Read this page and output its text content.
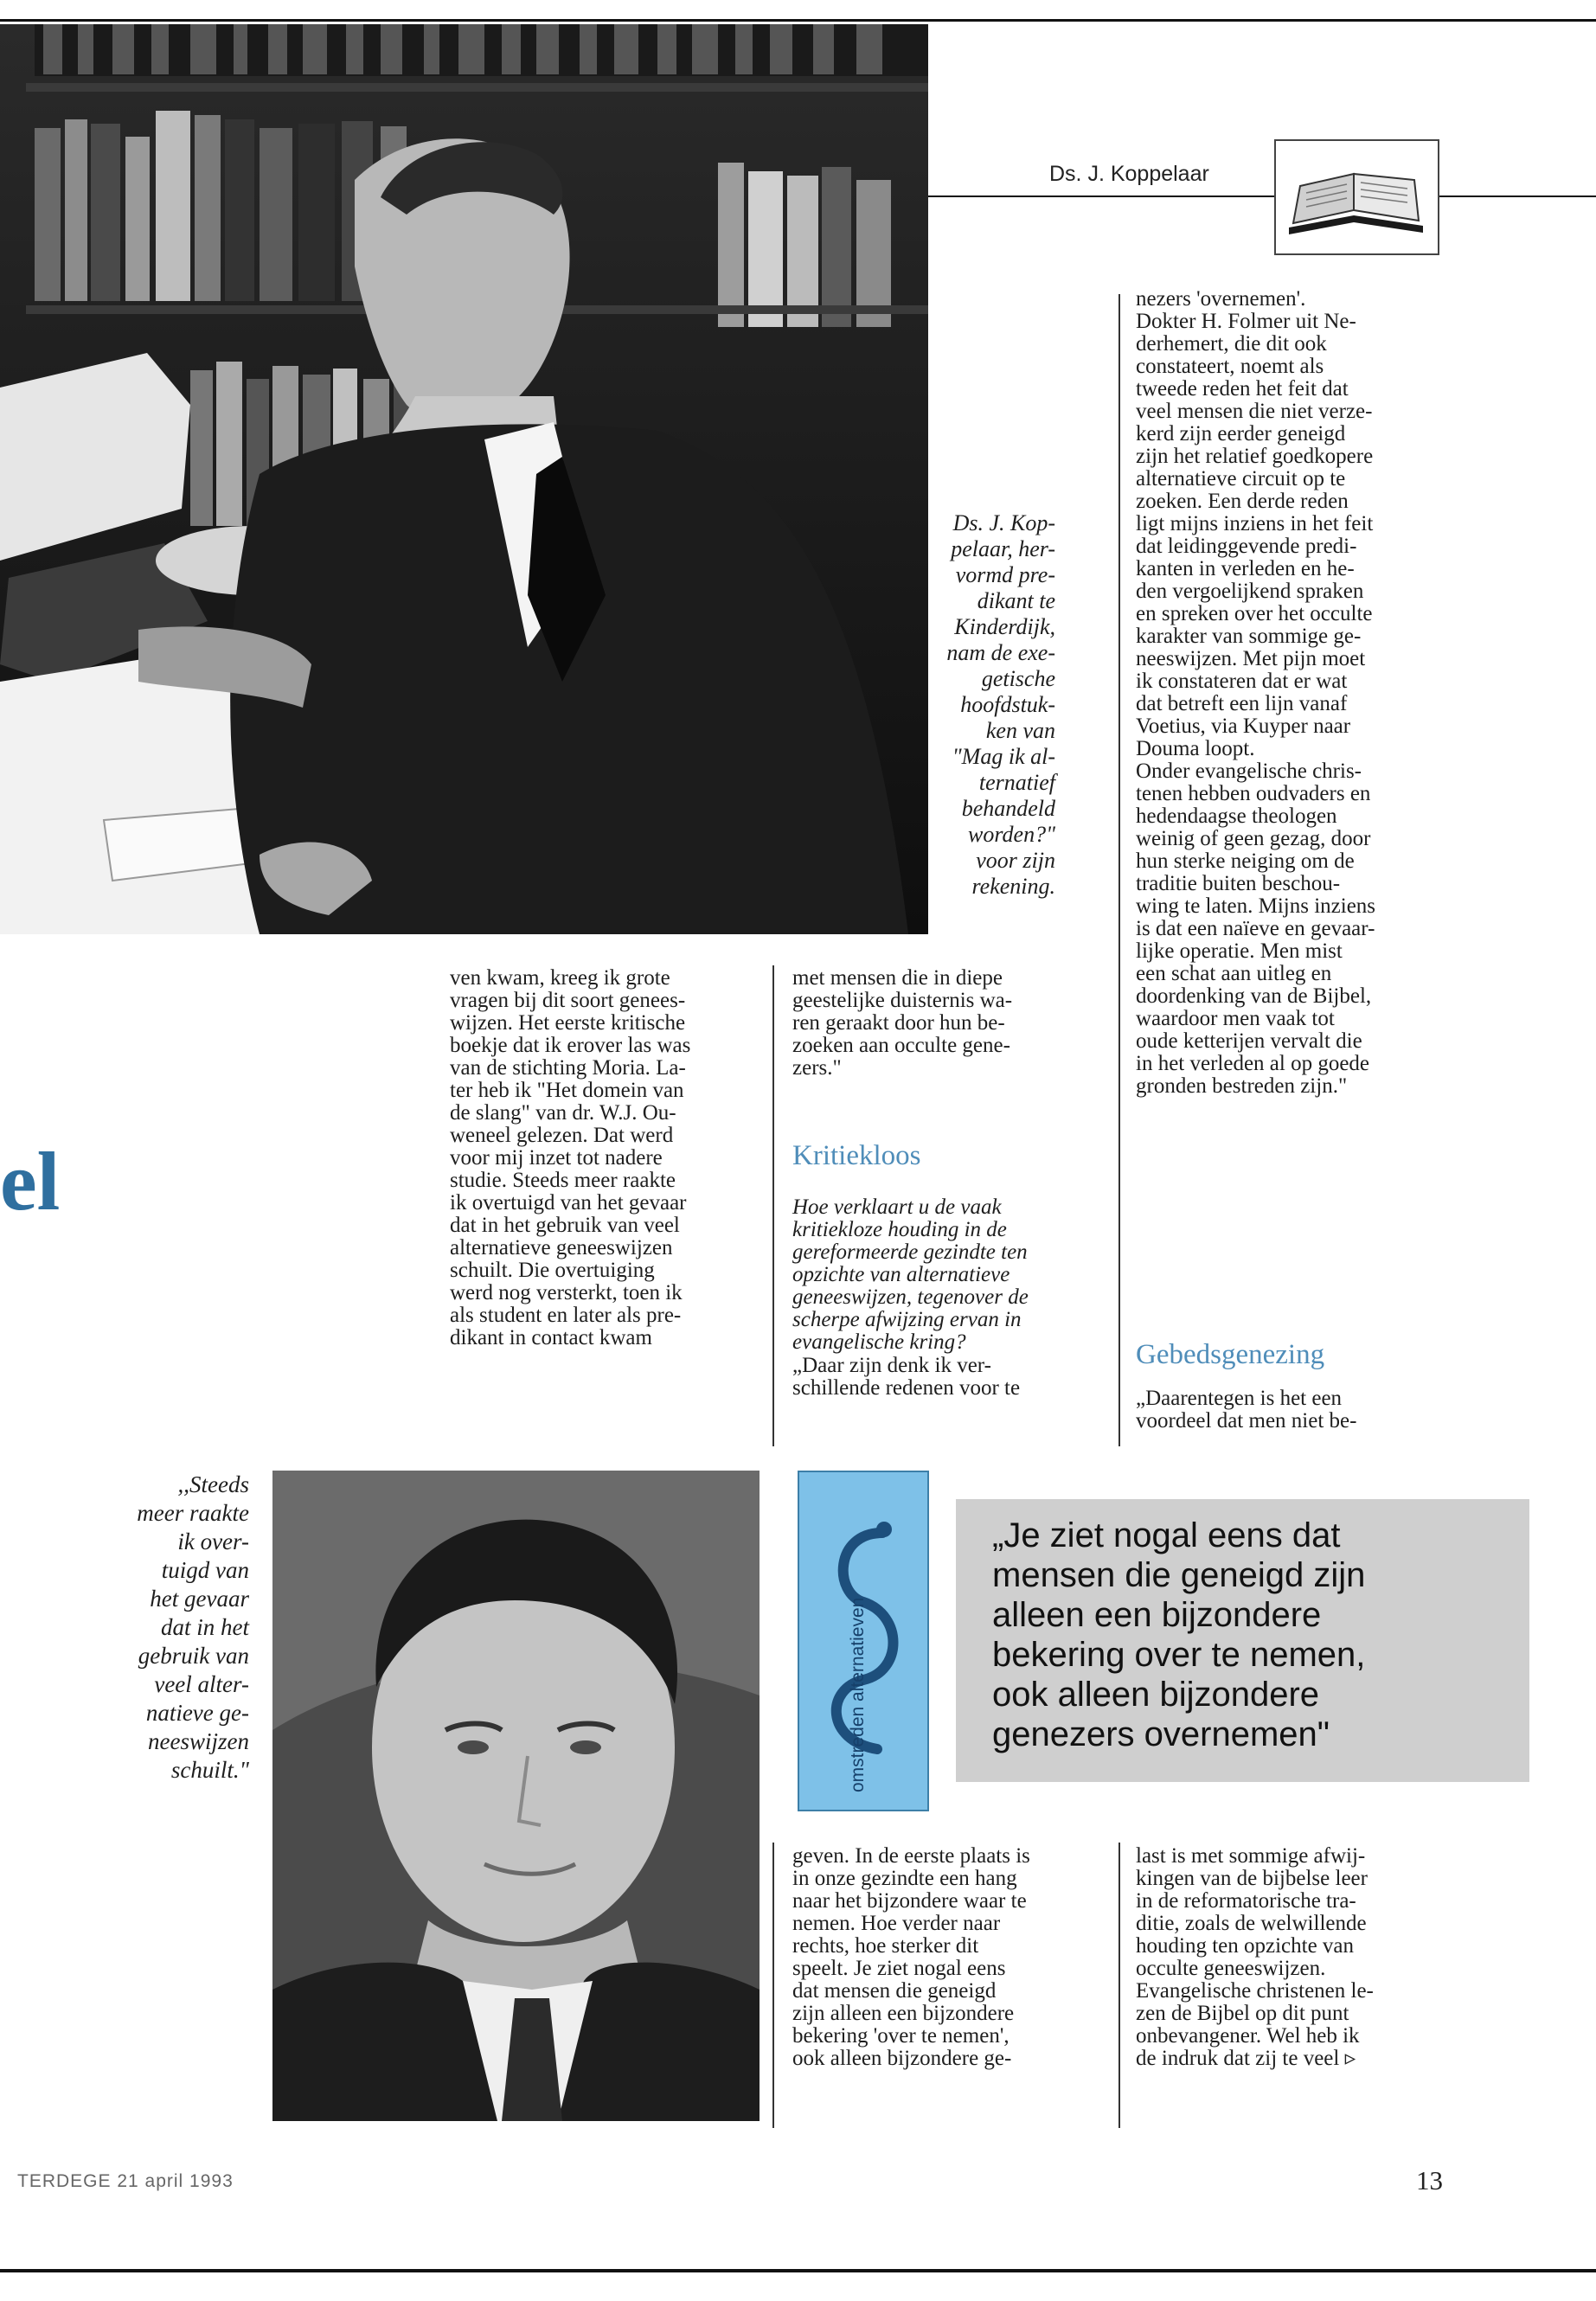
Ds. J. Koppelaar
Ds. J. Kop-
pelaar, her-
vormd pre-
dikant te
Kinderdijk,
nam de exe-
getische
hoofdstuk-
ken van
"Mag ik al-
ternatief
behandeld
worden?"
voor zijn
rekening.
nezers 'overnemen'.
Dokter H. Folmer uit Ne-
derhemert, die dit ook
constateert, noemt als
tweede reden het feit dat
veel mensen die niet verze-
kerd zijn eerder geneigd
zijn het relatief goedkopere
alternatieve circuit op te
zoeken. Een derde reden
ligt mijns inziens in het feit
dat leidinggevende predi-
kanten in verleden en he-
den vergoelijkend spraken
en spreken over het occulte
karakter van sommige ge-
neeswijzen. Met pijn moet
ik constateren dat er wat
dat betreft een lijn vanaf
Voetius, via Kuyper naar
Douma loopt.
Onder evangelische chris-
tenen hebben oudvaders en
hedendaagse theologen
weinig of geen gezag, door
hun sterke neiging om de
traditie buiten beschou-
wing te laten. Mijns inziens
is dat een naïeve en gevaar-
lijke operatie. Men mist
een schat aan uitleg en
doordenking van de Bijbel,
waardoor men vaak tot
oude ketterijen vervalt die
in het verleden al op goede
gronden bestreden zijn."
Gebedsgenezing
„Daarentegen is het een
voordeel dat men niet be-
el
ven kwam, kreeg ik grote
vragen bij dit soort genees-
wijzen. Het eerste kritische
boekje dat ik erover las was
van de stichting Moria. La-
ter heb ik "Het domein van
de slang" van dr. W.J. Ou-
weneel gelezen. Dat werd
voor mij inzet tot nadere
studie. Steeds meer raakte
ik overtuigd van het gevaar
dat in het gebruik van veel
alternatieve geneeswijzen
schuilt. Die overtuiging
werd nog versterkt, toen ik
als student en later als pre-
dikant in contact kwam
met mensen die in diepe
geestelijke duisternis wa-
ren geraakt door hun be-
zoeken aan occulte gene-
zers."
Kritiekloos
Hoe verklaart u de vaak
kritiekloze houding in de
gereformeerde gezindte ten
opzichte van alternatieve
geneeswijzen, tegenover de
scherpe afwijzing ervan in
evangelische kring?
„Daar zijn denk ik ver-
schillende redenen voor te
,,Steeds
meer raakte
ik over-
tuigd van
het gevaar
dat in het
gebruik van
veel alter-
natieve ge-
neeswijzen
schuilt."	omstreden alternatieven
„Je ziet nogal eens dat
mensen die geneigd zijn
alleen een bijzondere
bekering over te nemen,
ook alleen bijzondere
genezers overnemen"
geven. In de eerste plaats is
in onze gezindte een hang
naar het bijzondere waar te
nemen. Hoe verder naar
rechts, hoe sterker dit
speelt. Je ziet nogal eens
dat mensen die geneigd
zijn alleen een bijzondere
bekering 'over te nemen',
ook alleen bijzondere ge-
last is met sommige afwij-
kingen van de bijbelse leer
in de reformatorische tra-
ditie, zoals de welwillende
houding ten opzichte van
occulte geneeswijzen.
Evangelische christenen le-
zen de Bijbel op dit punt
onbevangener. Wel heb ik
de indruk dat zij te veel ▹
TERDEGE 21 april 1993	13
